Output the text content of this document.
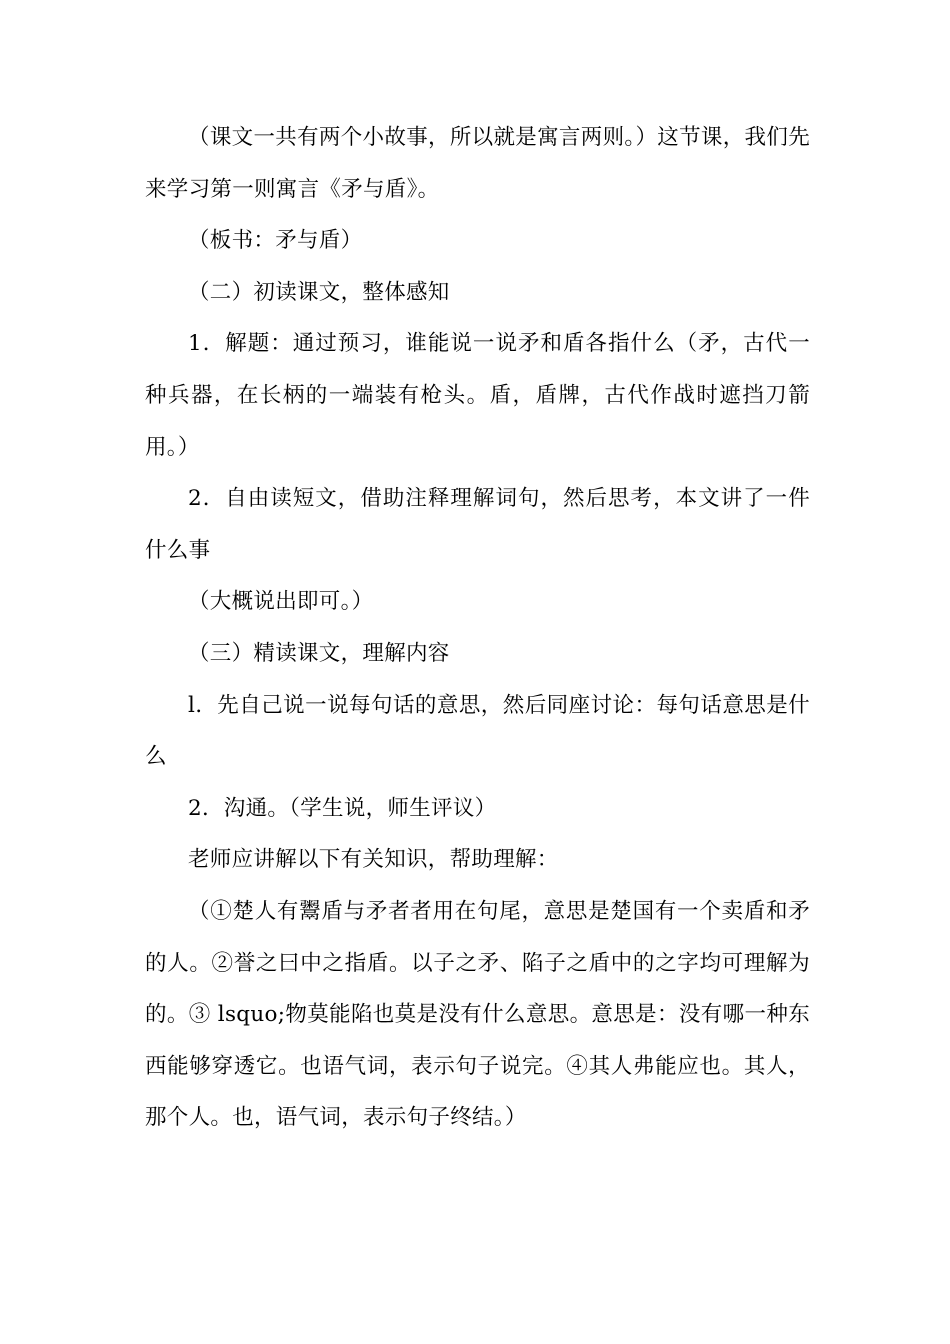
（课文一共有两个小故事，所以就是寓言两则。）这节课，我们先来学习第一则寓言《矛与盾》。

（板书：矛与盾）

（二）初读课文，整体感知

1．解题：通过预习，谁能说一说矛和盾各指什么（矛，古代一种兵器，在长柄的一端装有枪头。盾，盾牌，古代作战时遮挡刀箭用。）

2．自由读短文，借助注释理解词句，然后思考，本文讲了一件什么事

（大概说出即可。）

（三）精读课文，理解内容

l．先自己说一说每句话的意思，然后同座讨论：每句话意思是什么

2．沟通。（学生说，师生评议）

老师应讲解以下有关知识，帮助理解：

（①楚人有鬻盾与矛者者用在句尾，意思是楚国有一个卖盾和矛的人。②誉之曰中之指盾。以子之矛、陷子之盾中的之字均可理解为的。③ lsquo;物莫能陷也莫是没有什么意思。意思是：没有哪一种东西能够穿透它。也语气词，表示句子说完。④其人弗能应也。其人，那个人。也，语气词，表示句子终结。）
